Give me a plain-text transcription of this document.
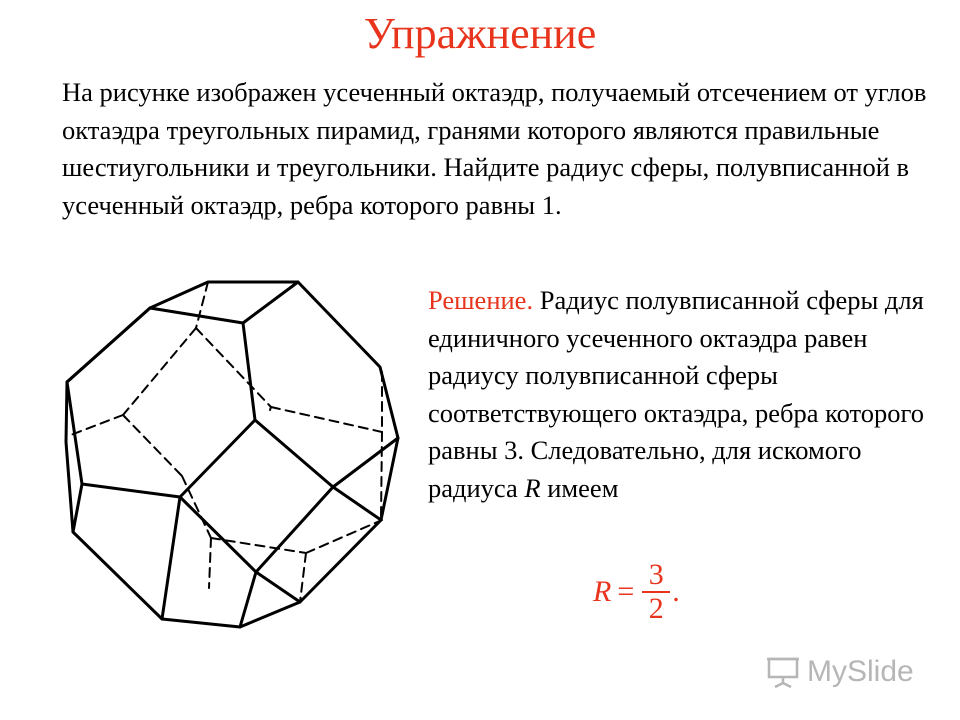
Упражнение
На рисунке изображен усеченный октаэдр, получаемый отсечением от углов октаэдра треугольных пирамид, гранями которого являются правильные шестиугольники и треугольники. Найдите радиус сферы, полувписанной в усеченный октаэдр, ребра которого равны 1.
Решение. Радиус полувписанной сферы для единичного усеченного октаэдра равен радиусу полувписанной сферы соответствующего октаэдра, ребра которого равны 3. Следовательно, для искомого радиуса R имеем
$R = \frac{3}{2}$ .
MySlide
